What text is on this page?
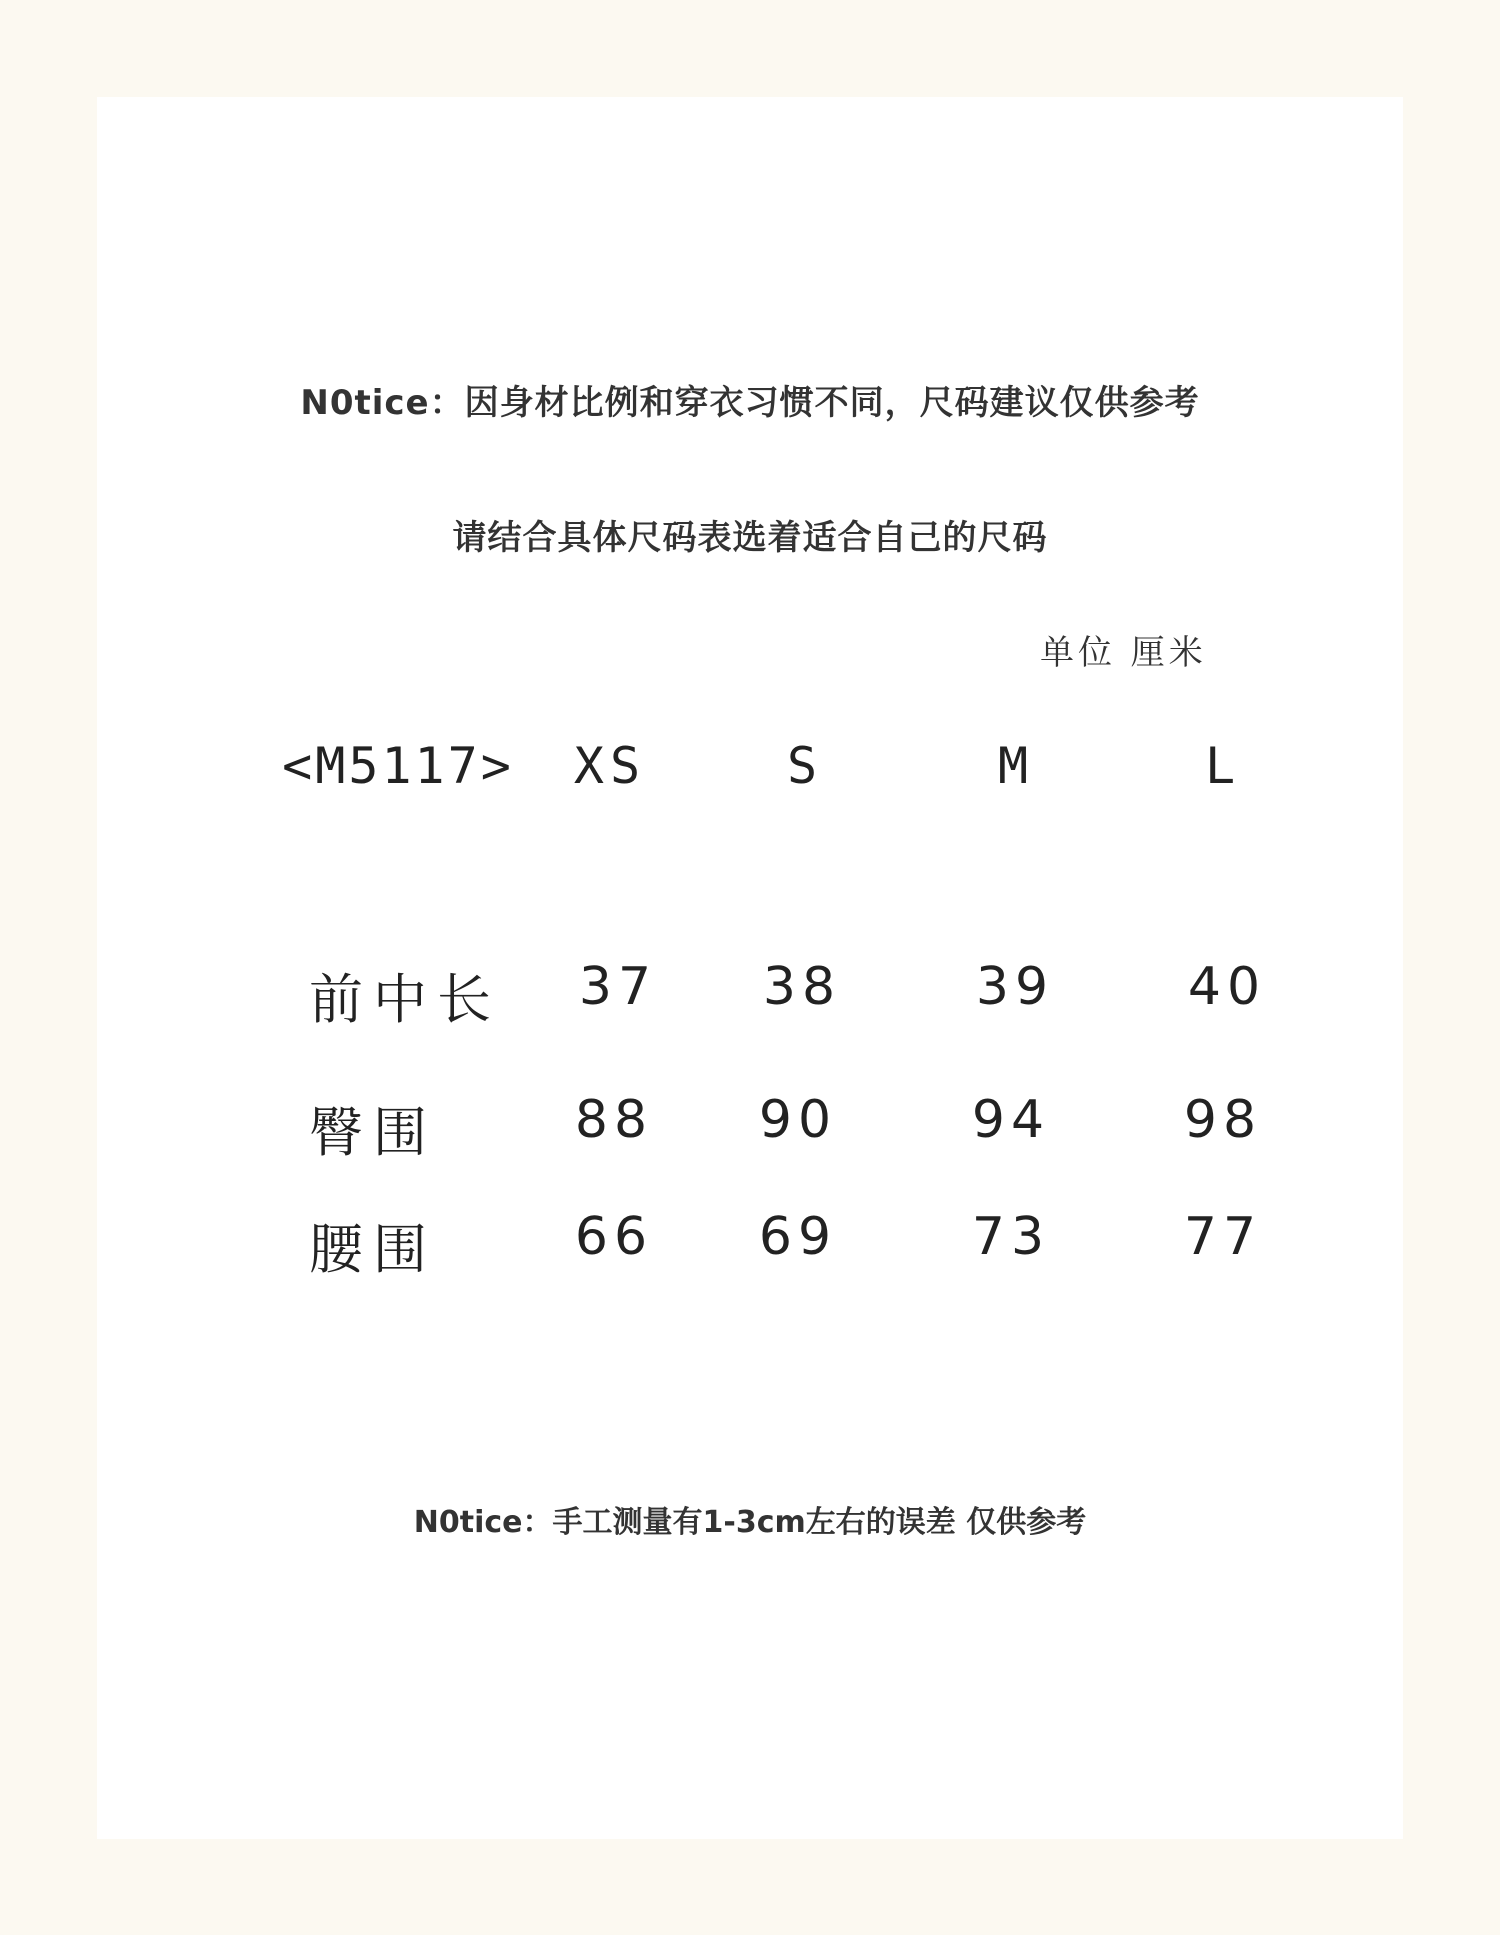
N0tice：因身材比例和穿衣习惯不同，尺码建议仅供参考
请结合具体尺码表选着适合自己的尺码
单位 厘米
<M5117> XS	S	M	L
前中长 37 38	39	40
臀围	88 90	94	98
腰围	66 69	73	77
N0tice：手工测量有1-3cm左右的误差 仅供参考
